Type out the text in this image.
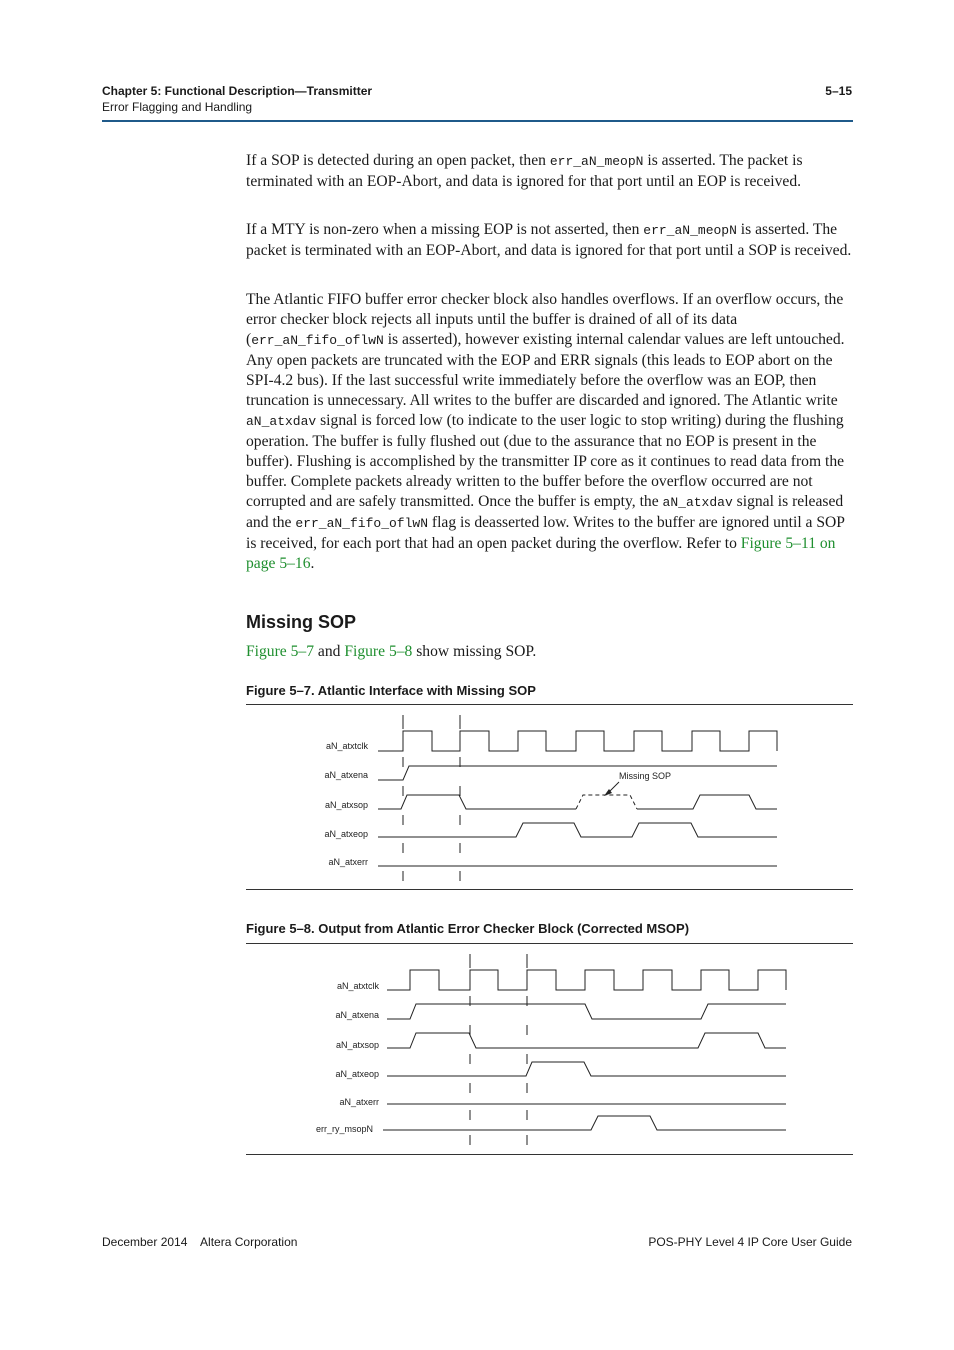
Chapter 5: Functional Description—Transmitter
Error Flagging and Handling
5–15

If a SOP is detected during an open packet, then err_aN_meopN is asserted. The packet is terminated with an EOP-Abort, and data is ignored for that port until an EOP is received.

If a MTY is non-zero when a missing EOP is not asserted, then err_aN_meopN is asserted. The packet is terminated with an EOP-Abort, and data is ignored for that port until a SOP is received.

The Atlantic FIFO buffer error checker block also handles overflows. If an overflow occurs, the error checker block rejects all inputs until the buffer is drained of all of its data (err_aN_fifo_oflwN is asserted), however existing internal calendar values are left untouched. Any open packets are truncated with the EOP and ERR signals (this leads to EOP abort on the SPI-4.2 bus). If the last successful write immediately before the overflow was an EOP, then truncation is unnecessary. All writes to the buffer are discarded and ignored. The Atlantic write aN_atxdav signal is forced low (to indicate to the user logic to stop writing) during the flushing operation. The buffer is fully flushed out (due to the assurance that no EOP is present in the buffer). Flushing is accomplished by the transmitter IP core as it continues to read data from the buffer. Complete packets already written to the buffer before the overflow occurred are not corrupted and are safely transmitted. Once the buffer is empty, the aN_atxdav signal is released and the err_aN_fifo_oflwN flag is deasserted low. Writes to the buffer are ignored until a SOP is received, for each port that had an open packet during the overflow. Refer to Figure 5–11 on page 5–16.

Missing SOP

Figure 5–7 and Figure 5–8 show missing SOP.

Figure 5–7. Atlantic Interface with Missing SOP
aN_atxtclk
aN_atxena
aN_atxsop
aN_atxeop
aN_atxerr
Missing SOP
Figure 5–8. Output from Atlantic Error Checker Block (Corrected MSOP)
aN_atxtclk
aN_atxena
aN_atxsop
aN_atxeop
aN_atxerr
err_ry_msopN
December 2014    Altera Corporation	POS-PHY Level 4 IP Core User Guide
